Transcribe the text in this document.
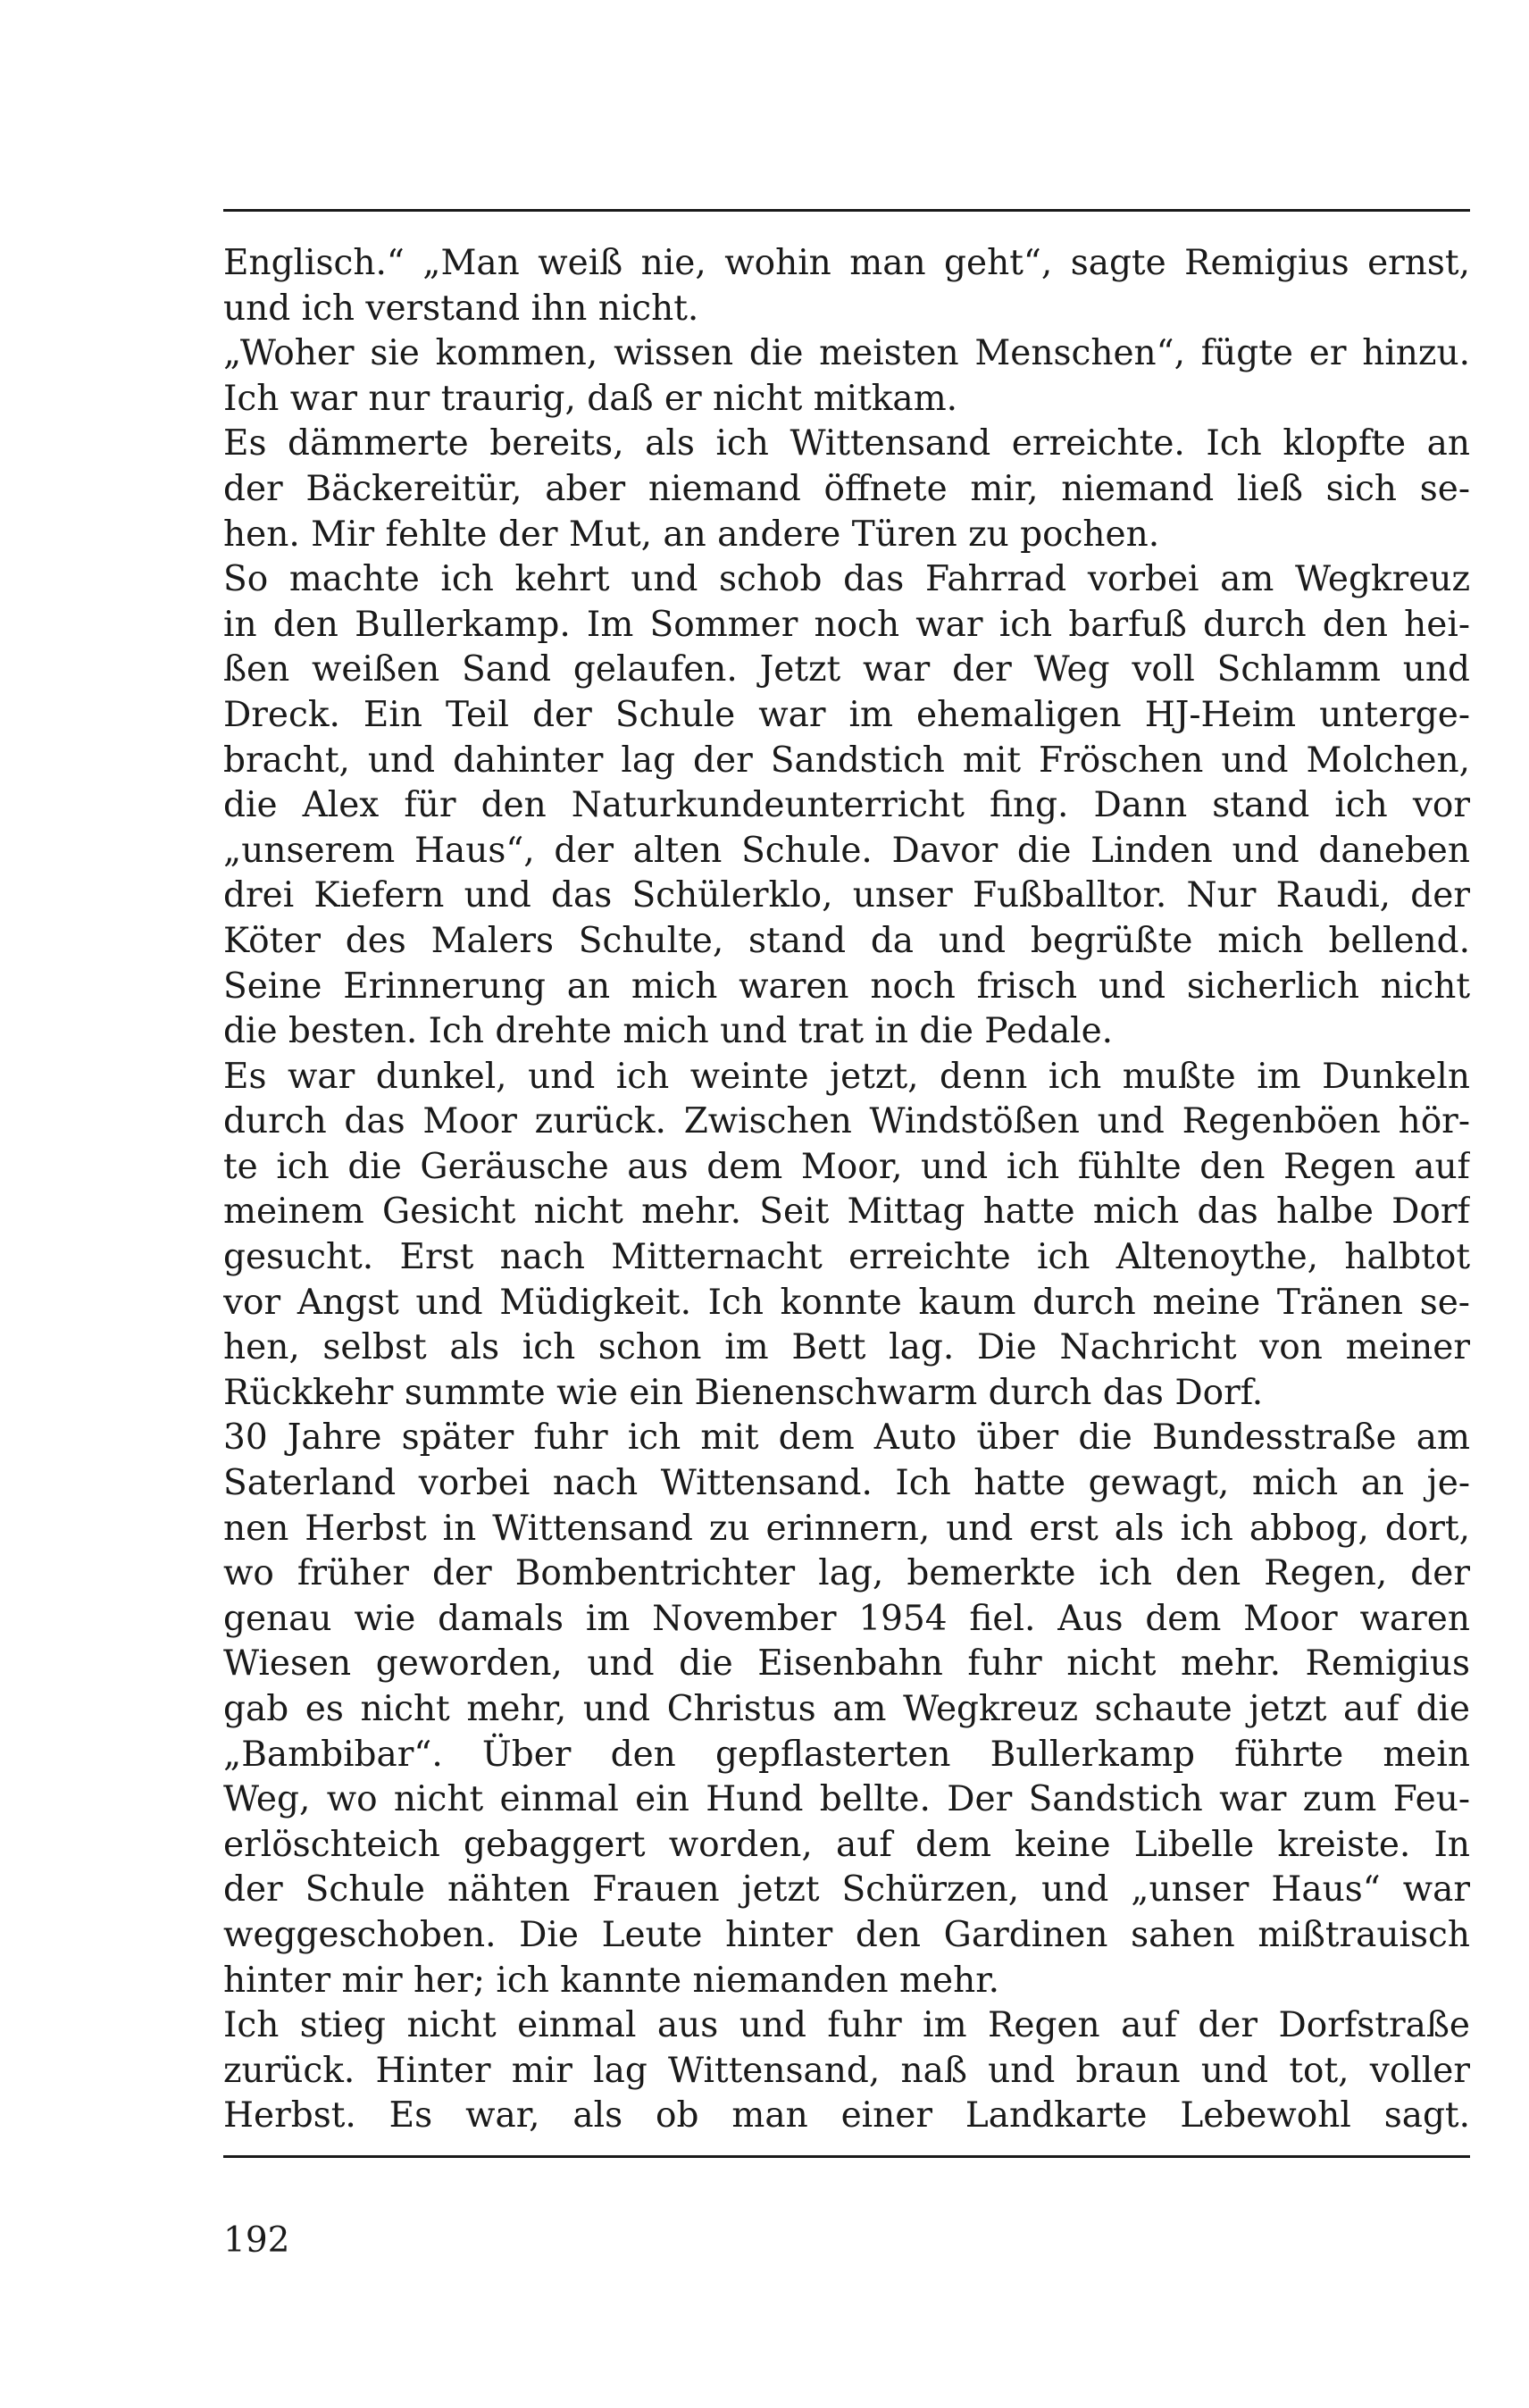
Englisch.“ „Man weiß nie, wohin man geht“, sagte Remigius ernst,
und ich verstand ihn nicht.
„Woher sie kommen, wissen die meisten Menschen“, fügte er hinzu.
Ich war nur traurig, daß er nicht mitkam.
Es dämmerte bereits, als ich Wittensand erreichte. Ich klopfte an
der Bäckereitür, aber niemand öffnete mir, niemand ließ sich se-
hen. Mir fehlte der Mut, an andere Türen zu pochen.
So machte ich kehrt und schob das Fahrrad vorbei am Wegkreuz
in den Bullerkamp. Im Sommer noch war ich barfuß durch den hei-
ßen weißen Sand gelaufen. Jetzt war der Weg voll Schlamm und
Dreck. Ein Teil der Schule war im ehemaligen HJ-Heim unterge-
bracht, und dahinter lag der Sandstich mit Fröschen und Molchen,
die Alex für den Naturkundeunterricht fing. Dann stand ich vor
„unserem Haus“, der alten Schule. Davor die Linden und daneben
drei Kiefern und das Schülerklo, unser Fußballtor. Nur Raudi, der
Köter des Malers Schulte, stand da und begrüßte mich bellend.
Seine Erinnerung an mich waren noch frisch und sicherlich nicht
die besten. Ich drehte mich und trat in die Pedale.
Es war dunkel, und ich weinte jetzt, denn ich mußte im Dunkeln
durch das Moor zurück. Zwischen Windstößen und Regenböen hör-
te ich die Geräusche aus dem Moor, und ich fühlte den Regen auf
meinem Gesicht nicht mehr. Seit Mittag hatte mich das halbe Dorf
gesucht. Erst nach Mitternacht erreichte ich Altenoythe, halbtot
vor Angst und Müdigkeit. Ich konnte kaum durch meine Tränen se-
hen, selbst als ich schon im Bett lag. Die Nachricht von meiner
Rückkehr summte wie ein Bienenschwarm durch das Dorf.
30 Jahre später fuhr ich mit dem Auto über die Bundesstraße am
Saterland vorbei nach Wittensand. Ich hatte gewagt, mich an je-
nen Herbst in Wittensand zu erinnern, und erst als ich abbog, dort,
wo früher der Bombentrichter lag, bemerkte ich den Regen, der
genau wie damals im November 1954 fiel. Aus dem Moor waren
Wiesen geworden, und die Eisenbahn fuhr nicht mehr. Remigius
gab es nicht mehr, und Christus am Wegkreuz schaute jetzt auf die
„Bambibar“. Über den gepflasterten Bullerkamp führte mein
Weg, wo nicht einmal ein Hund bellte. Der Sandstich war zum Feu-
erlöschteich gebaggert worden, auf dem keine Libelle kreiste. In
der Schule nähten Frauen jetzt Schürzen, und „unser Haus“ war
weggeschoben. Die Leute hinter den Gardinen sahen mißtrauisch
hinter mir her; ich kannte niemanden mehr.
Ich stieg nicht einmal aus und fuhr im Regen auf der Dorfstraße
zurück. Hinter mir lag Wittensand, naß und braun und tot, voller
Herbst. Es war, als ob man einer Landkarte Lebewohl sagt.
192
